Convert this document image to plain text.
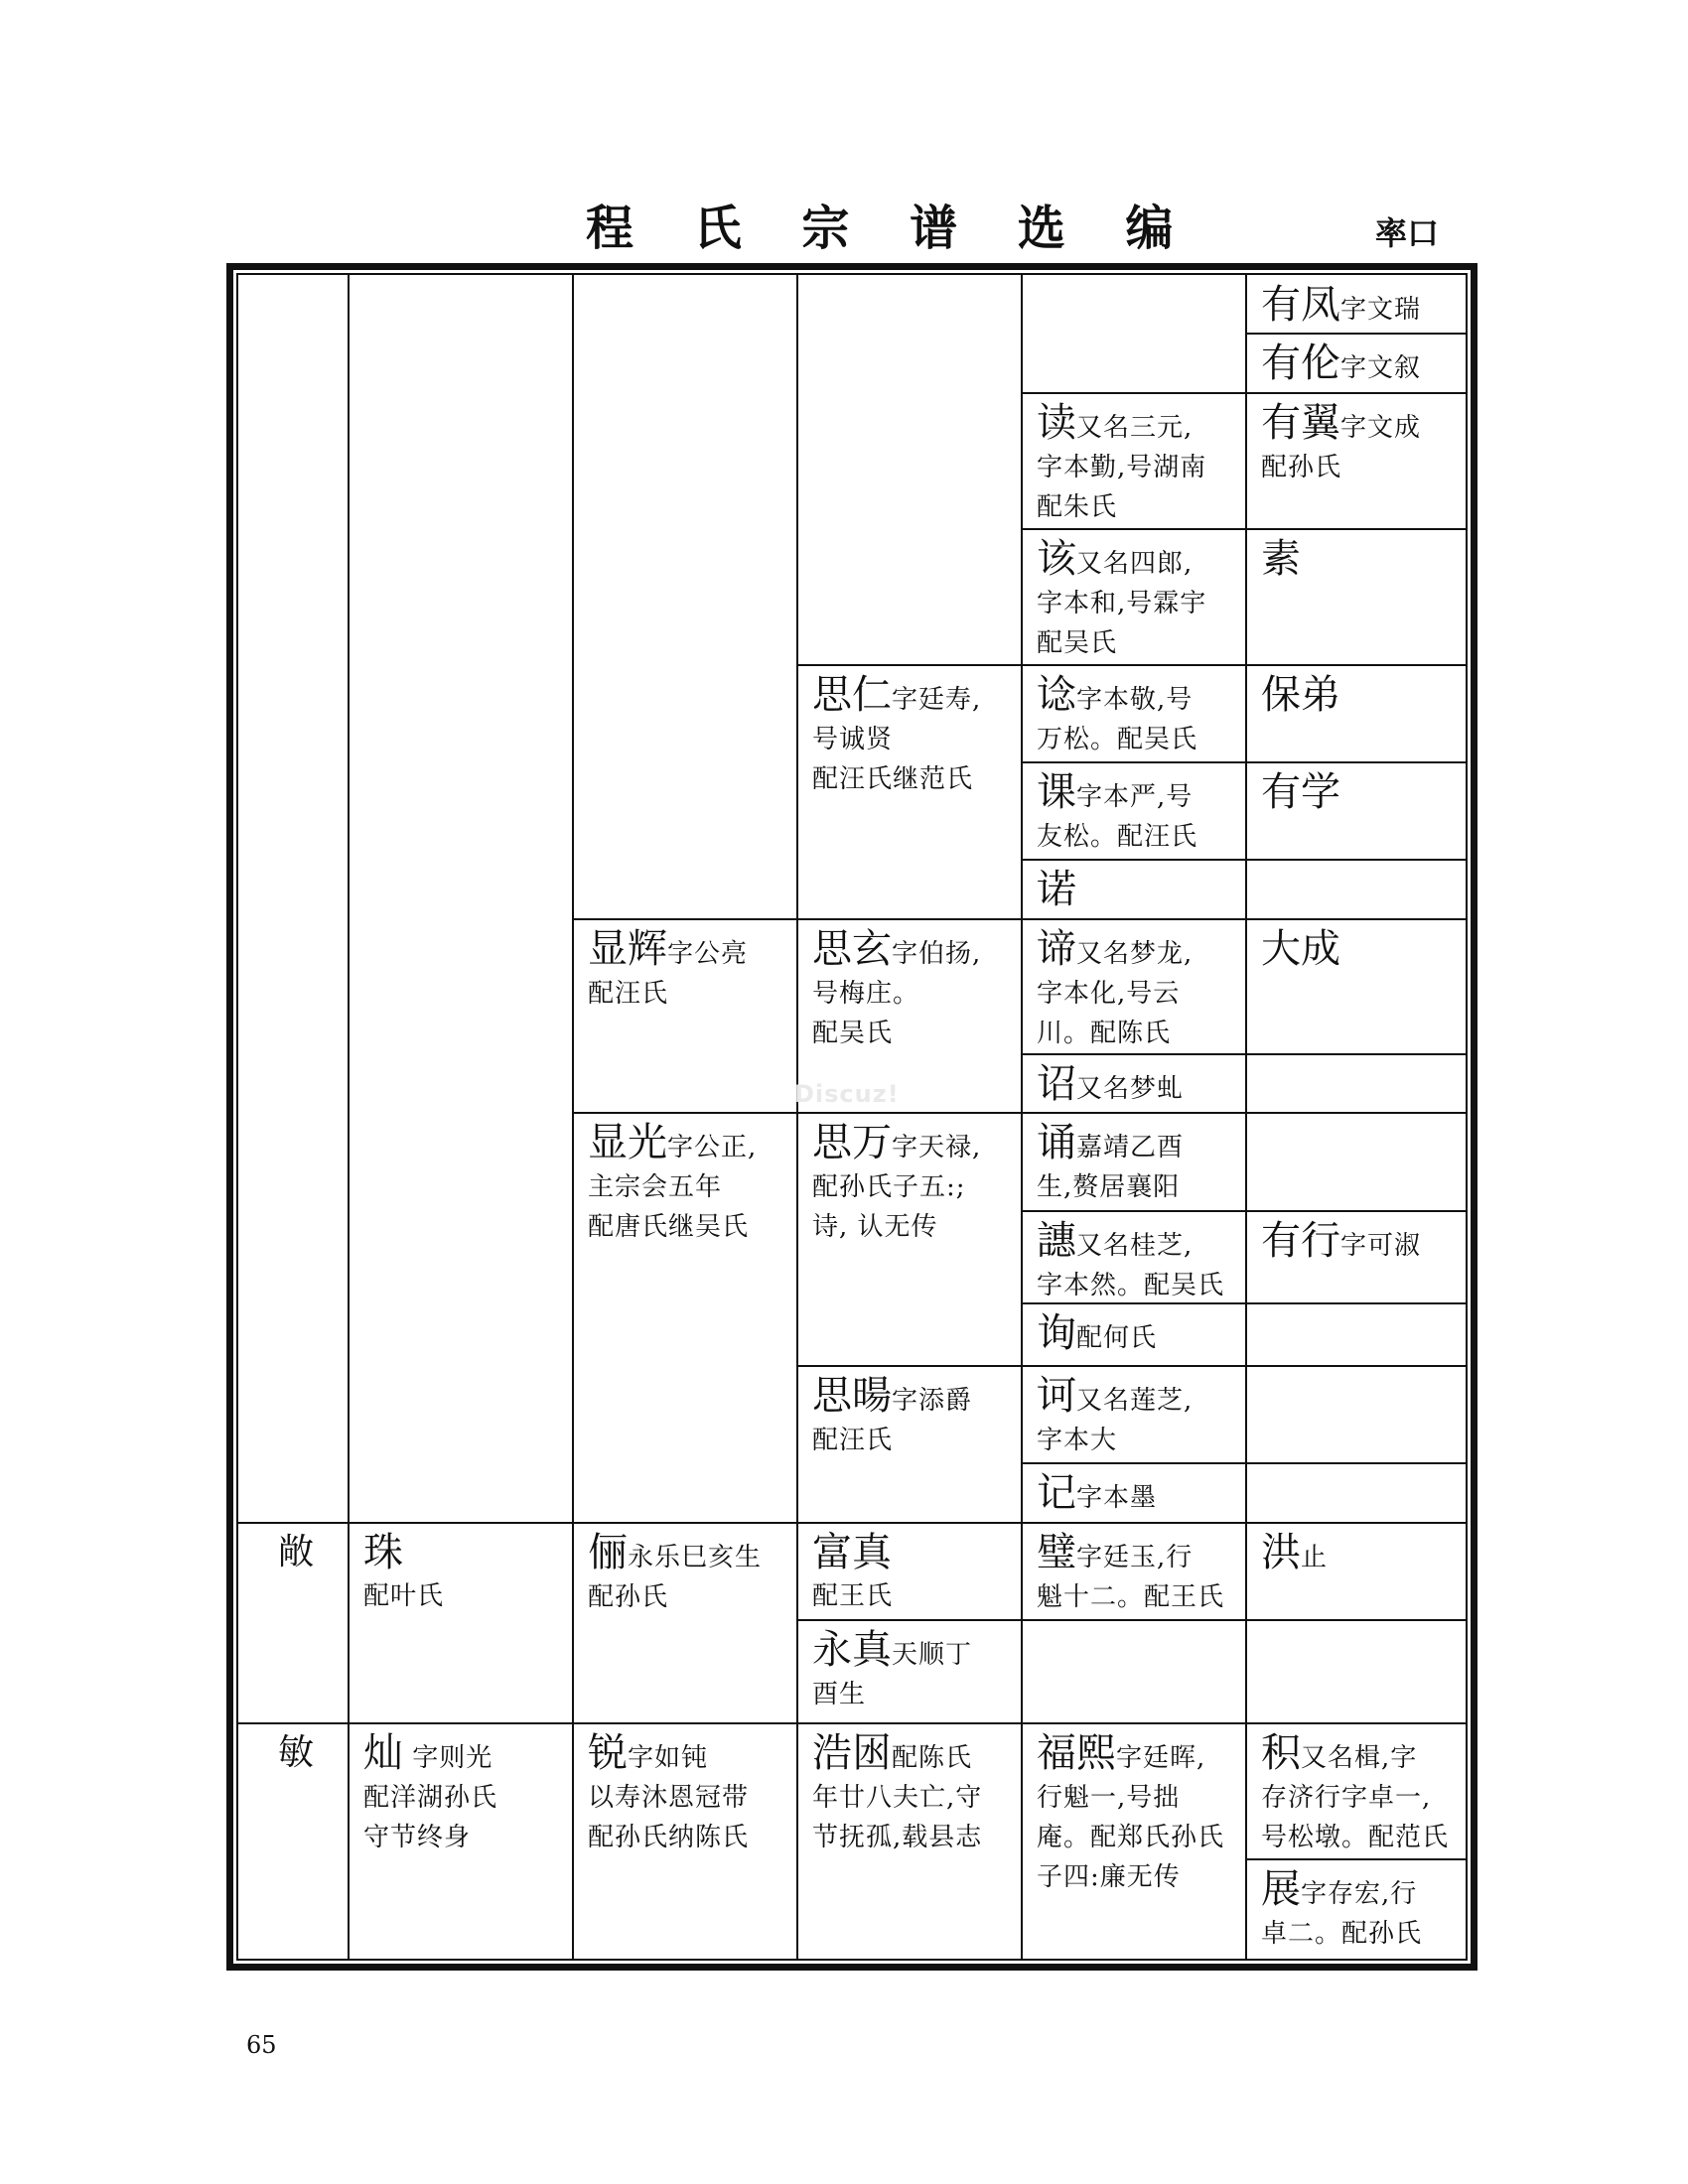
程 氏 宗 谱 选 编	率口
有凤字文瑞
有伦字文叙
有翼字文成
配孙氏
素
保弟
有学
大成
有行字可淑
洪止
积又名楫,字
存济行字卓一,
号松墩。配范氏
展字存宏,行
卓二。配孙氏
读又名三元,
字本勤,号湖南
配朱氏
该又名四郎,
字本和,号霖宇
配吴氏
谂字本敬,号
万松。配吴氏
课字本严,号
友松。配汪氏
诺
谛又名梦龙,
字本化,号云
川。配陈氏
诏又名梦虬
诵嘉靖乙酉
生,赘居襄阳
譓又名桂芝,
字本然。配吴氏
询配何氏
诃又名莲芝,
字本大
记字本墨
璧字廷玉,行
魁十二。配王氏
福熙字廷晖,
行魁一,号拙
庵。配郑氏孙氏
子四:廉无传
思仁字廷寿,
号诚贤
配汪氏继范氏
思玄字伯扬,
号梅庄。
配吴氏
思万字天禄,
配孙氏子五:;
诗, 认无传
思暘字添爵
配汪氏
富真
配王氏
永真天顺丁
酉生
浩囦配陈氏
年廿八夫亡,守
节抚孤,载县志
显辉字公亮
配汪氏
显光字公正,
主宗会五年
配唐氏继吴氏
俪永乐巳亥生
配孙氏
锐字如钝
以寿沐恩冠带
配孙氏纳陈氏
珠
配叶氏
灿 字则光
配洋湖孙氏
守节终身
敞
敏
Discuz!
65
